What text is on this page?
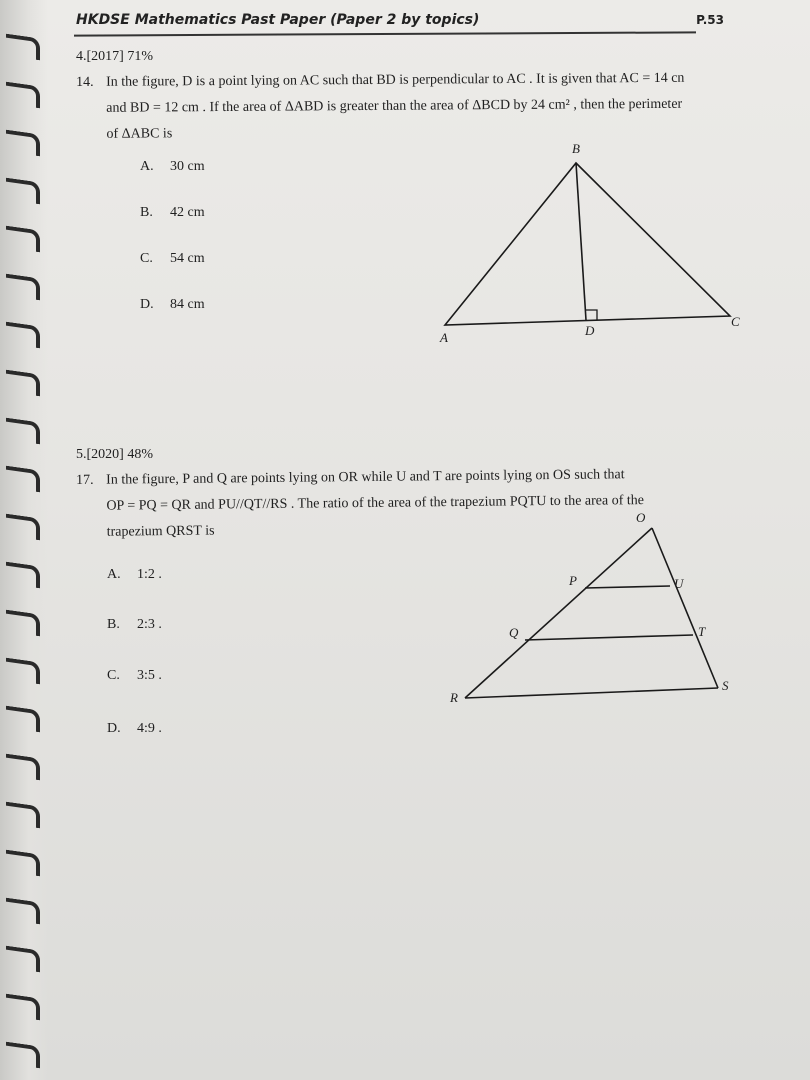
HKDSE Mathematics Past Paper (Paper 2 by topics)	P.53
4.[2017] 71%
14. In the figure, D is a point lying on AC such that BD is perpendicular to AC . It is given that AC = 14 cn
and BD = 12 cm . If the area of ΔABD is greater than the area of ΔBCD by 24 cm² , then the perimeter
of ΔABC is
A. 30 cm
B. 42 cm
C. 54 cm
D. 84 cm
B
A	D
C
5.[2020] 48%
17. In the figure, P and Q are points lying on OR while U and T are points lying on OS such that
OP = PQ = QR and PU//QT//RS . The ratio of the area of the trapezium PQTU to the area of the
trapezium QRST is
A. 1:2 .
B. 2:3 .
C. 3:5 .
D. 4:9 .
O
P	U
Q	T
R
S
